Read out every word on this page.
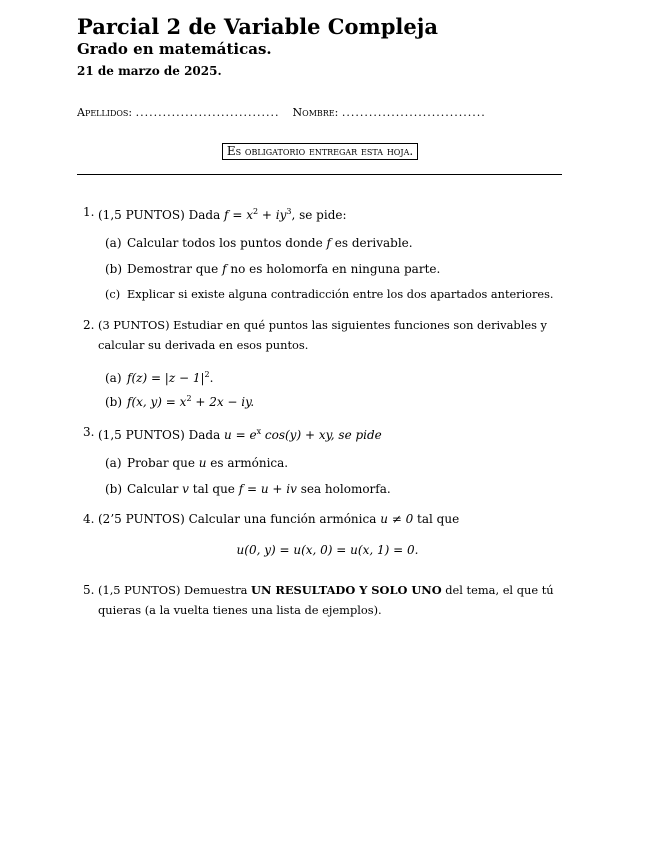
Parcial 2 de Variable Compleja
Grado en matemáticas.
21 de marzo de 2025.
Apellidos: ................................ Nombre: ................................
Es obligatorio entregar esta hoja.
1. (1,5 PUNTOS) Dada $f = x^2 + iy^3$, se pide:
(a) Calcular todos los puntos donde f es derivable.
(b) Demostrar que f no es holomorfa en ninguna parte.
(c) Explicar si existe alguna contradicción entre los dos apartados anteriores.
2. (3 PUNTOS) Estudiar en qué puntos las siguientes funciones son derivables y calcular su derivada en esos puntos.
(a) $f(z) = |z - 1|^2$.
(b) f(x, $y) = x^2 + 2x$ − iy.
3. (1,5 PUNTOS) Dada $u = e^x$ cos(y) + xy, se pide
(a) Probar que u es armónica.
(b) Calcular v tal que f = u + iv sea holomorfa.
4. (2’5 PUNTOS) Calcular una función armónica u ≠ 0 tal que
u(0, y) = u(x, 0) = u(x, 1) = 0.
5. (1,5 PUNTOS) Demuestra UN RESULTADO Y SOLO UNO del tema, el que tú quieras (a la vuelta tienes una lista de ejemplos).
